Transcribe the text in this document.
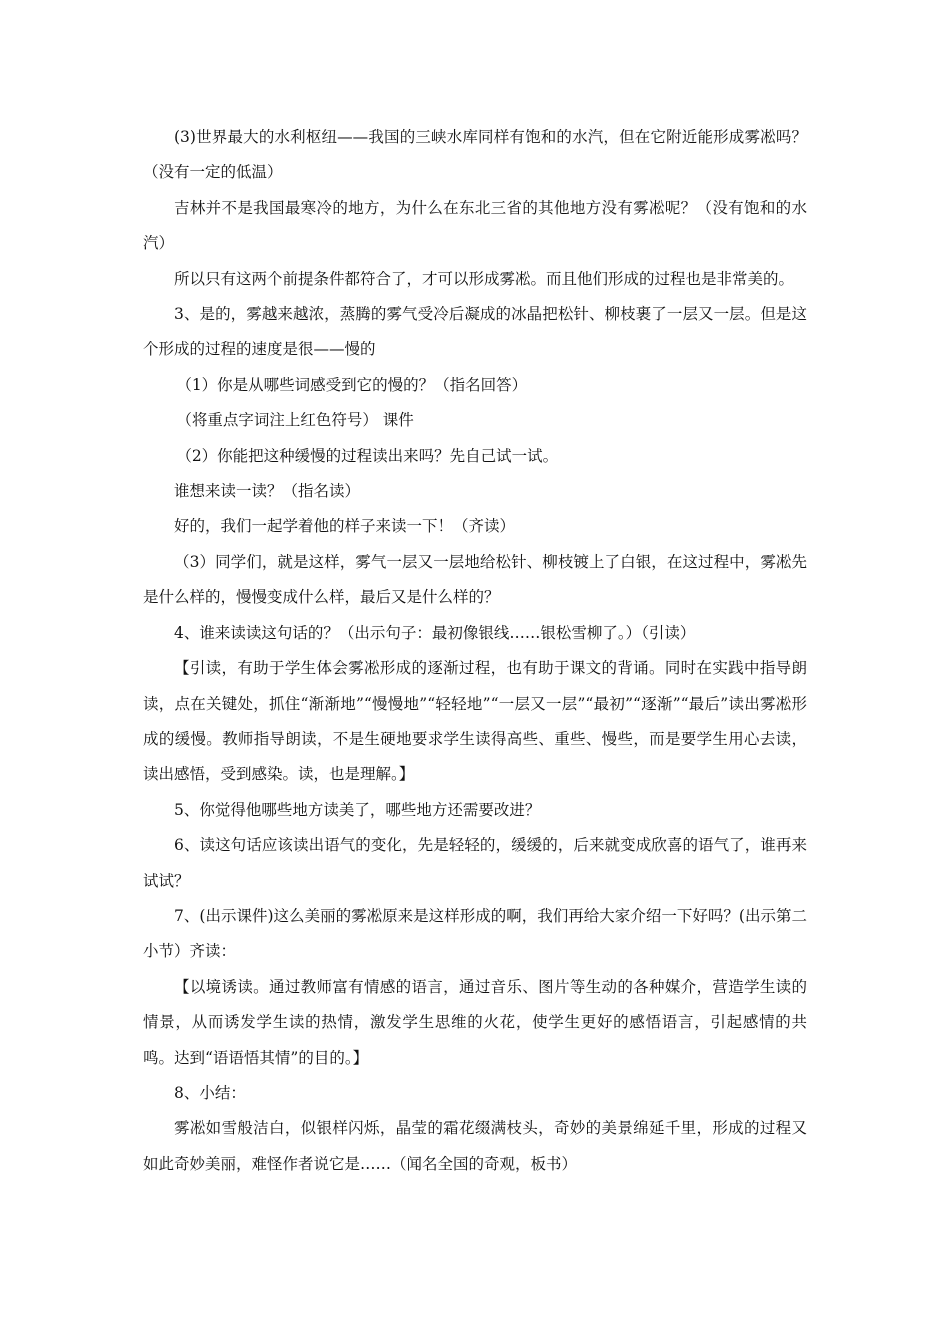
(3)世界最大的水利枢纽——我国的三峡水库同样有饱和的水汽，但在它附近能形成雾凇吗？（没有一定的低温）

吉林并不是我国最寒冷的地方，为什么在东北三省的其他地方没有雾凇呢？（没有饱和的水汽）

所以只有这两个前提条件都符合了，才可以形成雾凇。而且他们形成的过程也是非常美的。

3、是的，雾越来越浓，蒸腾的雾气受冷后凝成的冰晶把松针、柳枝裹了一层又一层。但是这个形成的过程的速度是很——慢的

（1）你是从哪些词感受到它的慢的？（指名回答）

（将重点字词注上红色符号） 课件

（2）你能把这种缓慢的过程读出来吗？先自己试一试。

谁想来读一读？（指名读）

好的，我们一起学着他的样子来读一下！（齐读）

（3）同学们，就是这样，雾气一层又一层地给松针、柳枝镀上了白银，在这过程中，雾凇先是什么样的，慢慢变成什么样，最后又是什么样的？

4、谁来读读这句话的？（出示句子：最初像银线……银松雪柳了。）（引读）

【引读，有助于学生体会雾凇形成的逐渐过程，也有助于课文的背诵。同时在实践中指导朗读，点在关键处，抓住“渐渐地”“慢慢地”“轻轻地”“一层又一层”“最初”“逐渐”“最后”读出雾凇形成的缓慢。教师指导朗读，不是生硬地要求学生读得高些、重些、慢些，而是要学生用心去读，读出感悟，受到感染。读，也是理解。】

5、你觉得他哪些地方读美了，哪些地方还需要改进？

6、读这句话应该读出语气的变化，先是轻轻的，缓缓的，后来就变成欣喜的语气了，谁再来试试？

7、(出示课件)这么美丽的雾凇原来是这样形成的啊，我们再给大家介绍一下好吗？(出示第二小节）齐读：

【以境诱读。通过教师富有情感的语言，通过音乐、图片等生动的各种媒介，营造学生读的情景，从而诱发学生读的热情，激发学生思维的火花，使学生更好的感悟语言，引起感情的共鸣。达到“语语悟其情”的目的。】

8、小结：

雾凇如雪般洁白，似银样闪烁，晶莹的霜花缀满枝头，奇妙的美景绵延千里，形成的过程又如此奇妙美丽，难怪作者说它是……（闻名全国的奇观，板书）
